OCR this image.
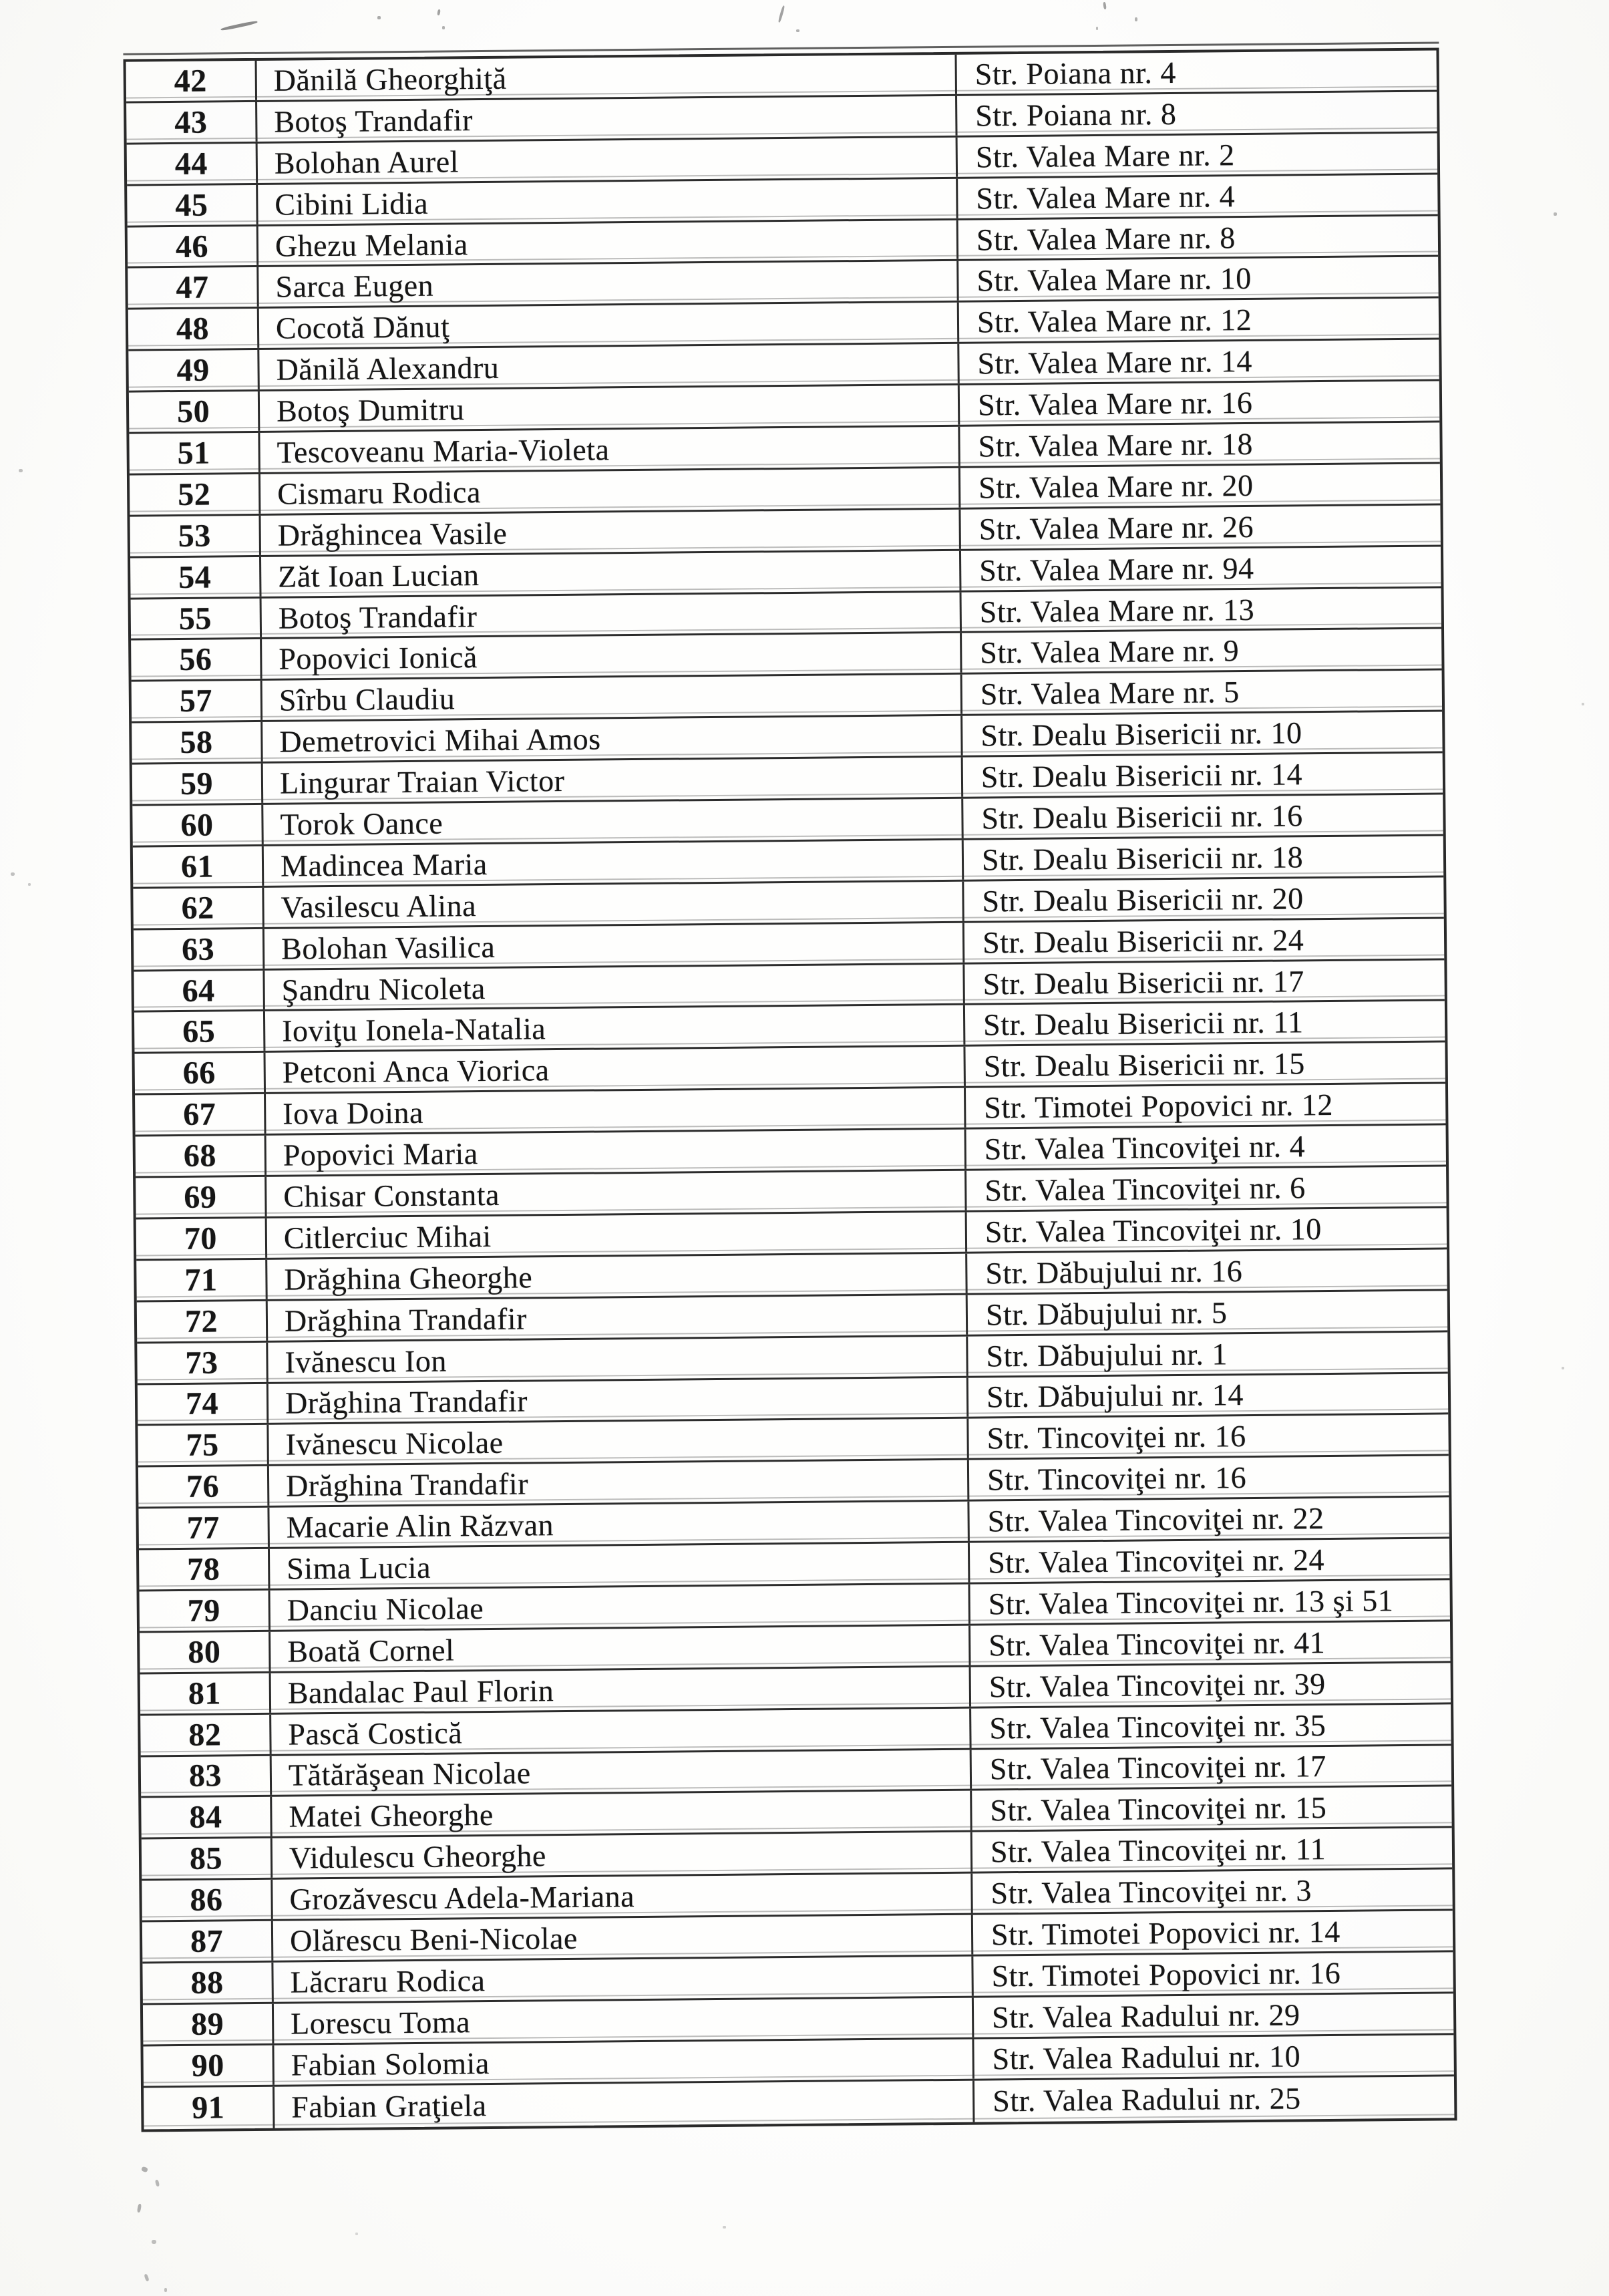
42	Dănilă Gheorghiţă	Str. Poiana nr. 4
43	Botoş Trandafir	Str. Poiana nr. 8
44	Bolohan Aurel	Str. Valea Mare nr. 2
45	Cibini Lidia	Str. Valea Mare nr. 4
46	Ghezu Melania	Str. Valea Mare nr. 8
47	Sarca Eugen	Str. Valea Mare nr. 10
48	Cocotă Dănuţ	Str. Valea Mare nr. 12
49	Dănilă Alexandru	Str. Valea Mare nr. 14
50	Botoş Dumitru	Str. Valea Mare nr. 16
51	Tescoveanu Maria-Violeta	Str. Valea Mare nr. 18
52	Cismaru Rodica	Str. Valea Mare nr. 20
53	Drăghincea Vasile	Str. Valea Mare nr. 26
54	Zăt Ioan Lucian	Str. Valea Mare nr. 94
55	Botoş Trandafir	Str. Valea Mare nr. 13
56	Popovici Ionică	Str. Valea Mare nr. 9
57	Sîrbu Claudiu	Str. Valea Mare nr. 5
58	Demetrovici Mihai Amos	Str. Dealu Bisericii nr. 10
59	Lingurar Traian Victor	Str. Dealu Bisericii nr. 14
60	Torok Oance	Str. Dealu Bisericii nr. 16
61	Madincea Maria	Str. Dealu Bisericii nr. 18
62	Vasilescu Alina	Str. Dealu Bisericii nr. 20
63	Bolohan Vasilica	Str. Dealu Bisericii nr. 24
64	Şandru Nicoleta	Str. Dealu Bisericii nr. 17
65	Ioviţu Ionela-Natalia	Str. Dealu Bisericii nr. 11
66	Petconi Anca Viorica	Str. Dealu Bisericii nr. 15
67	Iova Doina	Str. Timotei Popovici nr. 12
68	Popovici Maria	Str. Valea Tincoviţei nr. 4
69	Chisar Constanta	Str. Valea Tincoviţei nr. 6
70	Citlerciuc Mihai	Str. Valea Tincoviţei nr. 10
71	Drăghina Gheorghe	Str. Dăbujului nr. 16
72	Drăghina Trandafir	Str. Dăbujului nr. 5
73	Ivănescu Ion	Str. Dăbujului nr. 1
74	Drăghina Trandafir	Str. Dăbujului nr. 14
75	Ivănescu Nicolae	Str. Tincoviţei nr. 16
76	Drăghina Trandafir	Str. Tincoviţei nr. 16
77	Macarie Alin Răzvan	Str. Valea Tincoviţei nr. 22
78	Sima Lucia	Str. Valea Tincoviţei nr. 24
79	Danciu Nicolae	Str. Valea Tincoviţei nr. 13 şi 51
80	Boată Cornel	Str. Valea Tincoviţei nr. 41
81	Bandalac Paul Florin	Str. Valea Tincoviţei nr. 39
82	Pască Costică	Str. Valea Tincoviţei nr. 35
83	Tătărăşean Nicolae	Str. Valea Tincoviţei nr. 17
84	Matei Gheorghe	Str. Valea Tincoviţei nr. 15
85	Vidulescu Gheorghe	Str. Valea Tincoviţei nr. 11
86	Grozăvescu Adela-Mariana	Str. Valea Tincoviţei nr. 3
87	Olărescu Beni-Nicolae	Str. Timotei Popovici nr. 14
88	Lăcraru Rodica	Str. Timotei Popovici nr. 16
89	Lorescu Toma	Str. Valea Radului nr. 29
90	Fabian Solomia	Str. Valea Radului nr. 10
91	Fabian Graţiela	Str. Valea Radului nr. 25
